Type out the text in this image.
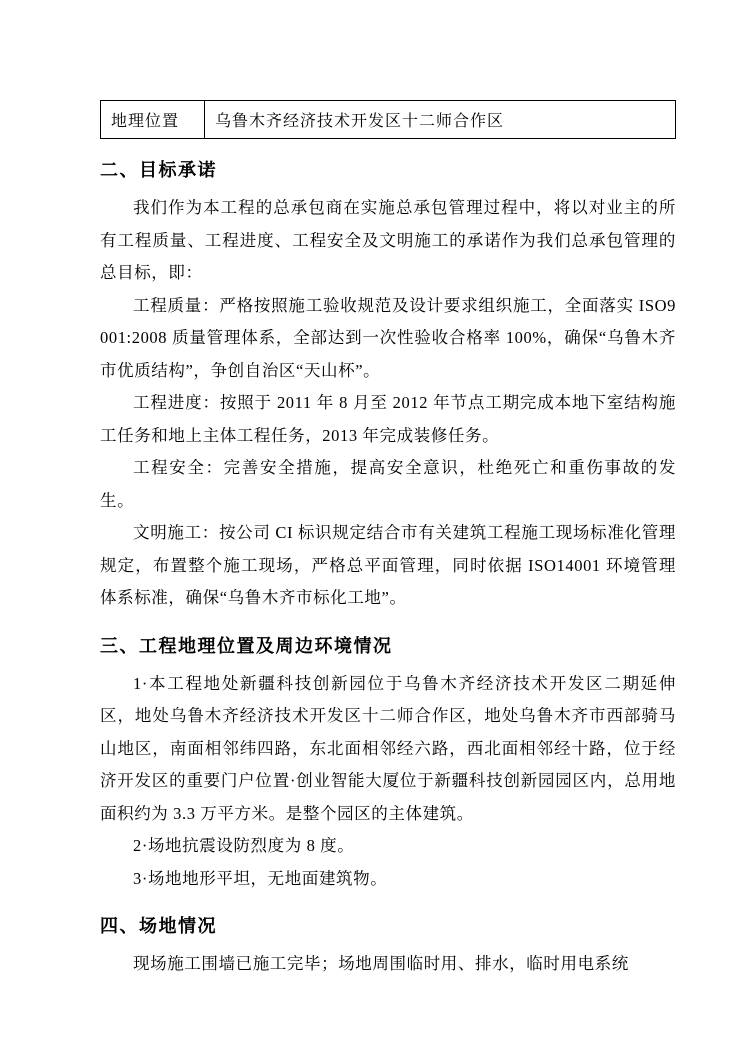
地理位置	乌鲁木齐经济技术开发区十二师合作区
二、目标承诺

我们作为本工程的总承包商在实施总承包管理过程中，将以对业主的所有工程质量、工程进度、工程安全及文明施工的承诺作为我们总承包管理的总目标，即：

工程质量：严格按照施工验收规范及设计要求组织施工，全面落实 ISO9001:2008 质量管理体系，全部达到一次性验收合格率 100%，确保“乌鲁木齐市优质结构”，争创自治区“天山杯”。

工程进度：按照于 2011 年 8 月至 2012 年节点工期完成本地下室结构施工任务和地上主体工程任务，2013 年完成装修任务。

工程安全：完善安全措施，提高安全意识，杜绝死亡和重伤事故的发生。

文明施工：按公司 CI 标识规定结合市有关建筑工程施工现场标准化管理规定，布置整个施工现场，严格总平面管理，同时依据 ISO14001 环境管理体系标准，确保“乌鲁木齐市标化工地”。

三、工程地理位置及周边环境情况

1·本工程地处新疆科技创新园位于乌鲁木齐经济技术开发区二期延伸区，地处乌鲁木齐经济技术开发区十二师合作区，地处乌鲁木齐市西部骑马山地区，南面相邻纬四路，东北面相邻经六路，西北面相邻经十路，位于经济开发区的重要门户位置·创业智能大厦位于新疆科技创新园园区内，总用地面积约为 3.3 万平方米。是整个园区的主体建筑。

2·场地抗震设防烈度为 8 度。

3·场地地形平坦，无地面建筑物。

四、场地情况

现场施工围墙已施工完毕；场地周围临时用、排水，临时用电系统
